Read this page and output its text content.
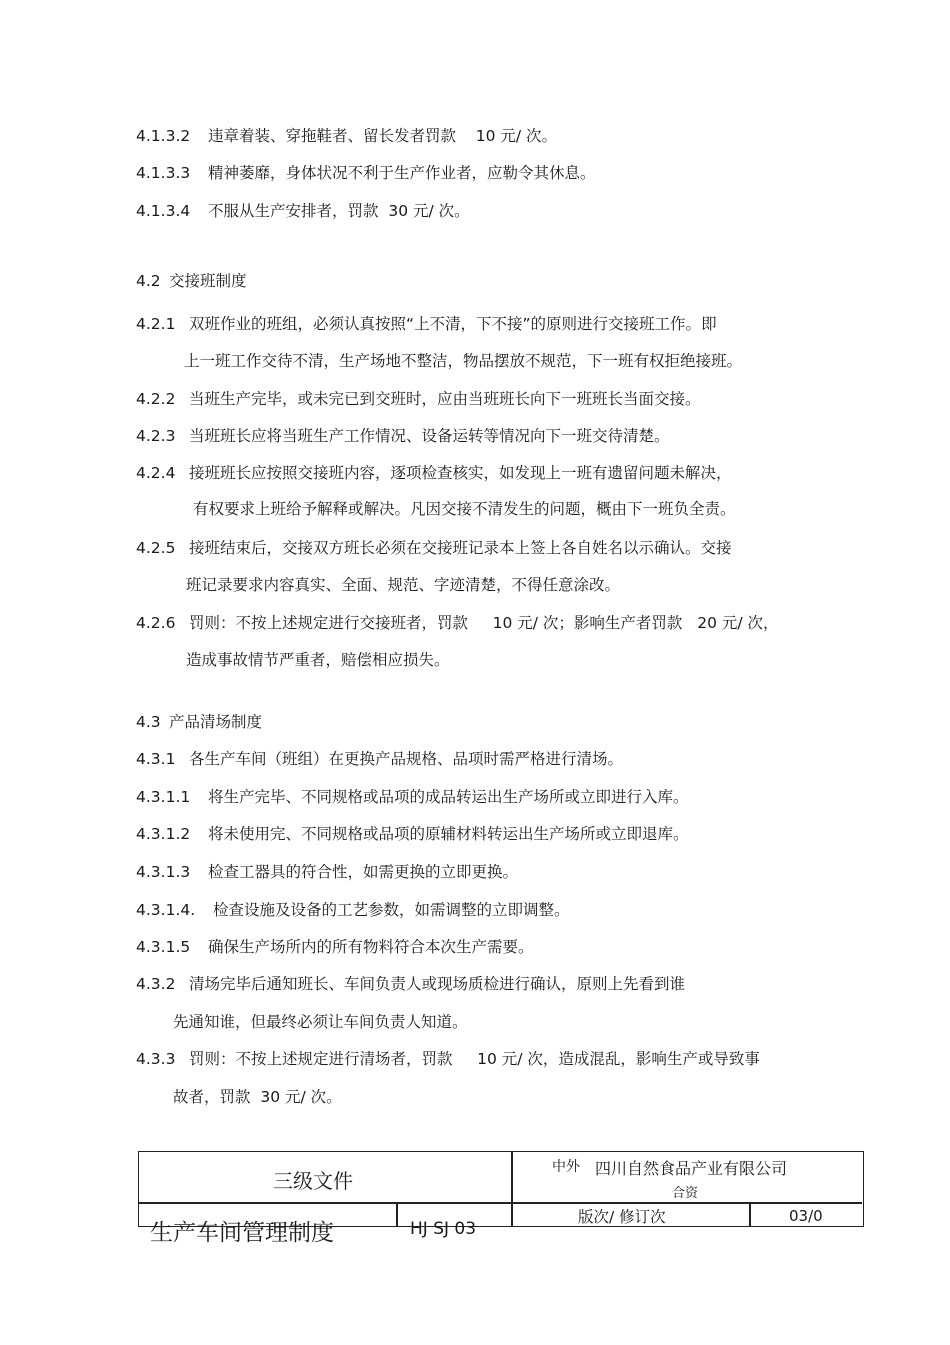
4.1.3.2 违章着装、穿拖鞋者、留长发者罚款    10 元/ 次。
4.1.3.3 精神萎靡，身体状况不利于生产作业者，应勒令其休息。
4.1.3.4 不服从生产安排者，罚款  30 元/ 次。
4.2 交接班制度
4.2.1 双班作业的班组，必须认真按照“上不清，下不接”的原则进行交接班工作。即
上一班工作交待不清，生产场地不整洁，物品摆放不规范，下一班有权拒绝接班。
4.2.2 当班生产完毕，或未完已到交班时，应由当班班长向下一班班长当面交接。
4.2.3 当班班长应将当班生产工作情况、设备运转等情况向下一班交待清楚。
4.2.4 接班班长应按照交接班内容，逐项检查核实，如发现上一班有遗留问题未解决，
有权要求上班给予解释或解决。凡因交接不清发生的问题，概由下一班负全责。
4.2.5 接班结束后，交接双方班长必须在交接班记录本上签上各自姓名以示确认。交接
班记录要求内容真实、全面、规范、字迹清楚，不得任意涂改。
4.2.6 罚则：不按上述规定进行交接班者，罚款     10 元/ 次；影响生产者罚款   20 元/ 次，
造成事故情节严重者，赔偿相应损失。
4.3 产品清场制度
4.3.1 各生产车间（班组）在更换产品规格、品项时需严格进行清场。
4.3.1.1 将生产完毕、不同规格或品项的成品转运出生产场所或立即进行入库。
4.3.1.2 将未使用完、不同规格或品项的原辅材料转运出生产场所或立即退库。
4.3.1.3 检查工器具的符合性，如需更换的立即更换。
4.3.1.4. 检查设施及设备的工艺参数，如需调整的立即调整。
4.3.1.5 确保生产场所内的所有物料符合本次生产需要。
4.3.2 清场完毕后通知班长、车间负责人或现场质检进行确认，原则上先看到谁
先通知谁，但最终必须让车间负责人知道。
4.3.3 罚则：不按上述规定进行清场者，罚款     10 元/ 次，造成混乱，影响生产或导致事
故者，罚款  30 元/ 次。
三级文件
中外 四川自然食品产业有限公司
合资
版次/ 修订次	03/0
生产车间管理制度	HJ SJ 03
